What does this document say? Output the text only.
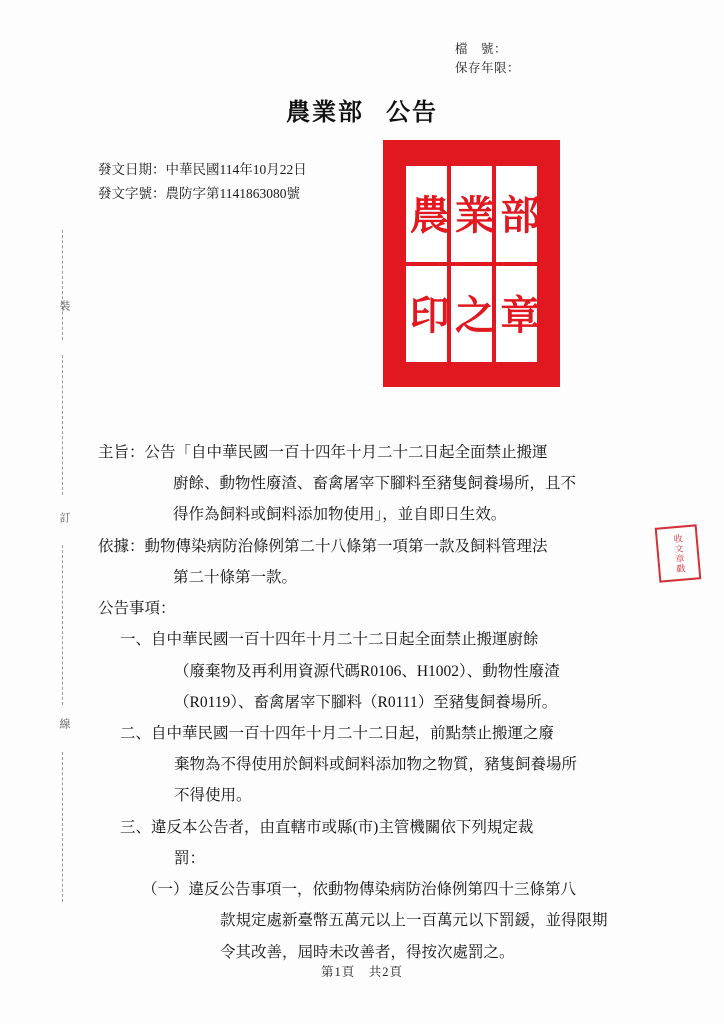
檔　號：
保存年限：
農業部 公告
發文日期：中華民國114年10月22日
發文字號：農防字第1141863080號
農
業
部
印
之
章
收文章戳
裝
訂
線
主旨： 公告「自中華民國一百十四年十月二十二日起全面禁止搬運
廚餘、動物性廢渣、畜禽屠宰下腳料至豬隻飼養場所，且不
得作為飼料或飼料添加物使用」，並自即日生效。
依據： 動物傳染病防治條例第二十八條第一項第一款及飼料管理法
第二十條第一款。
公告事項：
一、 自中華民國一百十四年十月二十二日起全面禁止搬運廚餘
（廢棄物及再利用資源代碼R0106、H1002）、動物性廢渣
（R0119）、畜禽屠宰下腳料（R0111）至豬隻飼養場所。
二、 自中華民國一百十四年十月二十二日起，前點禁止搬運之廢
棄物為不得使用於飼料或飼料添加物之物質，豬隻飼養場所
不得使用。
三、 違反本公告者，由直轄市或縣(市)主管機關依下列規定裁
罰：
（一） 違反公告事項一，依動物傳染病防治條例第四十三條第八
款規定處新臺幣五萬元以上一百萬元以下罰鍰，並得限期
令其改善，屆時未改善者，得按次處罰之。
第1頁　共2頁
